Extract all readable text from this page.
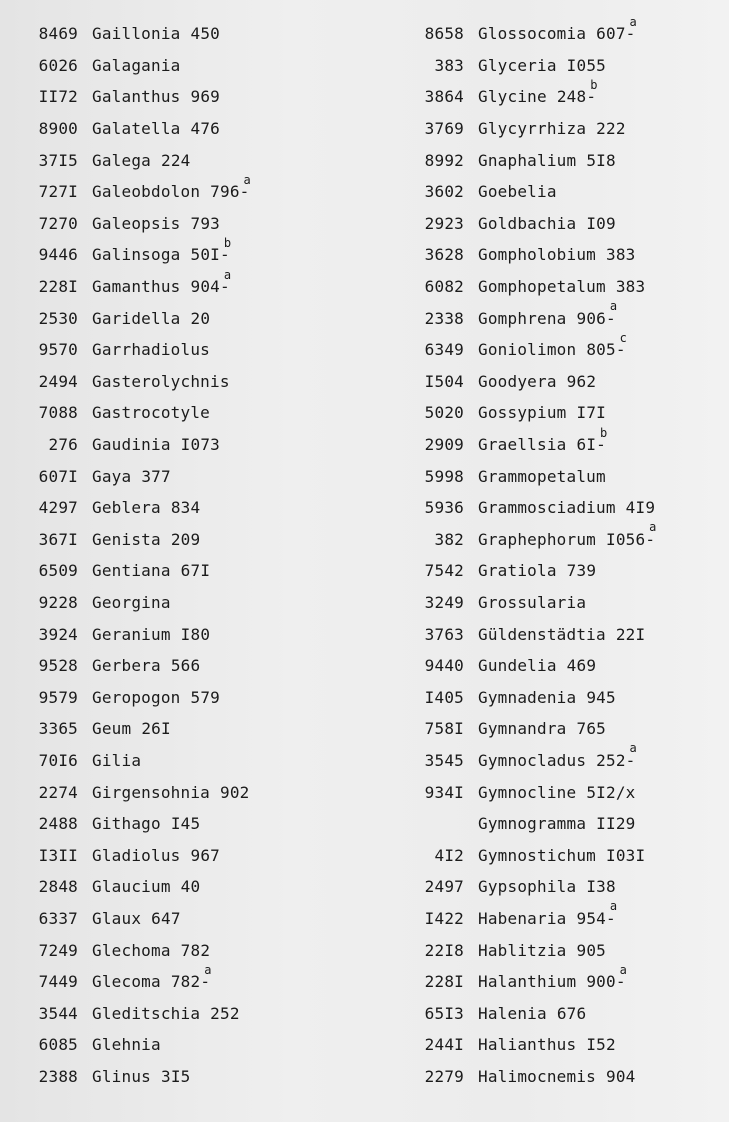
8469 Gaillonia 450
6026 Galagania
II72 Galanthus 969
8900 Galatella 476
37I5 Galega 224
727I Galeobdolon 796-
a
7270 Galeopsis 793
9446 Galinsoga 50I-
b
228I Gamanthus 904-
a
2530 Garidella 20
9570 Garrhadiolus
2494 Gasterolychnis
7088 Gastrocotyle
276 Gaudinia I073
607I Gaya 377
4297 Geblera 834
367I Genista 209
6509 Gentiana 67I
9228 Georgina
3924 Geranium I80
9528 Gerbera 566
9579 Geropogon 579
3365 Geum 26I
70I6 Gilia
2274 Girgensohnia 902
2488 Githago I45
I3II Gladiolus 967
2848 Glaucium 40
6337 Glaux 647
7249 Glechoma 782
7449 Glecoma 782-
a
3544 Gleditschia 252
6085 Glehnia
2388 Glinus 3I5
8658 Glossocomia 607-
a
383 Glyceria I055
3864 Glycine 248-
b
3769 Glycyrrhiza 222
8992 Gnaphalium 5I8
3602 Goebelia
2923 Goldbachia I09
3628 Gompholobium 383
6082 Gomphopetalum 383
2338 Gomphrena 906-
a
6349 Goniolimon 805-
c
I504 Goodyera 962
5020 Gossypium I7I
2909 Graellsia 6I-
b
5998 Grammopetalum
5936 Grammosciadium 4I9
382 Graphephorum I056-
a
7542 Gratiola 739
3249 Grossularia
3763 Güldenstädtia 22I
9440 Gundelia 469
I405 Gymnadenia 945
758I Gymnandra 765
3545 Gymnocladus 252-
a
934I Gymnocline 5I2/x
Gymnogramma II29
4I2 Gymnostichum I03I
2497 Gypsophila I38
I422 Habenaria 954-
a
22I8 Hablitzia 905
228I Halanthium 900-
a
65I3 Halenia 676
244I Halianthus I52
2279 Halimocnemis 904
